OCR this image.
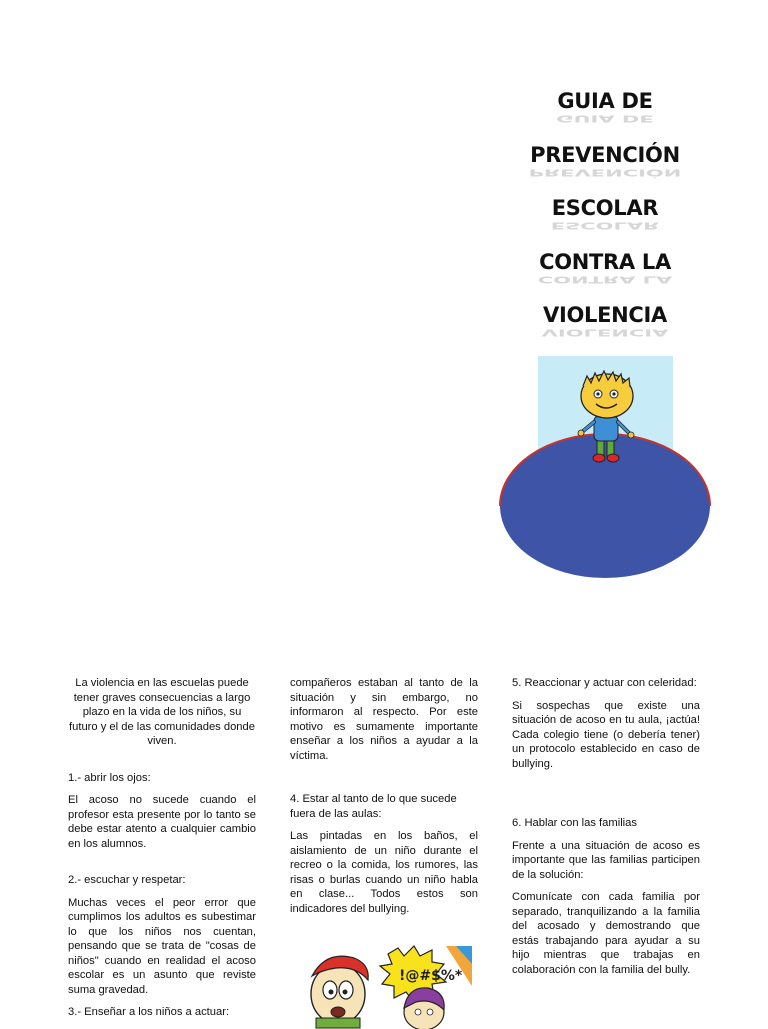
GUIA DE
GUIA DE
PREVENCIÓN
PREVENCIÓN
ESCOLAR
ESCOLAR
CONTRA LA
CONTRA LA
VIOLENCIA
VIOLENCIA

La violencia en las escuelas puede tener graves consecuencias a largo plazo en la vida de los niños, su futuro y el de las comunidades donde viven.

1.- abrir los ojos:

El acoso no sucede cuando el profesor esta presente por lo tanto se debe estar atento a cualquier cambio en los alumnos.

2.- escuchar y respetar:

Muchas veces el peor error que cumplimos los adultos es subestimar lo que los niños nos cuentan, pensando que se trata de "cosas de niños" cuando en realidad el acoso escolar es un asunto que reviste suma gravedad.

3.- Enseñar a los niños a actuar:

compañeros estaban al tanto de la situación y sin embargo, no informaron al respecto. Por este motivo es sumamente importante enseñar a los niños a ayudar a la víctima.

4. Estar al tanto de lo que sucede fuera de las aulas:

Las pintadas en los baños, el aislamiento de un niño durante el recreo o la comida, los rumores, las risas o burlas cuando un niño habla en clase... Todos estos son indicadores del bullying.

!@#$%*

5. Reaccionar y actuar con celeridad:

Si sospechas que existe una situación de acoso en tu aula, ¡actúa! Cada colegio tiene (o debería tener) un protocolo establecido en caso de bullying.

6. Hablar con las familias

Frente a una situación de acoso es importante que las familias participen de la solución:

Comunícate con cada familia por separado, tranquilizando a la familia del acosado y demostrando que estás trabajando para ayudar a su hijo mientras que trabajas en colaboración con la familia del bully.
